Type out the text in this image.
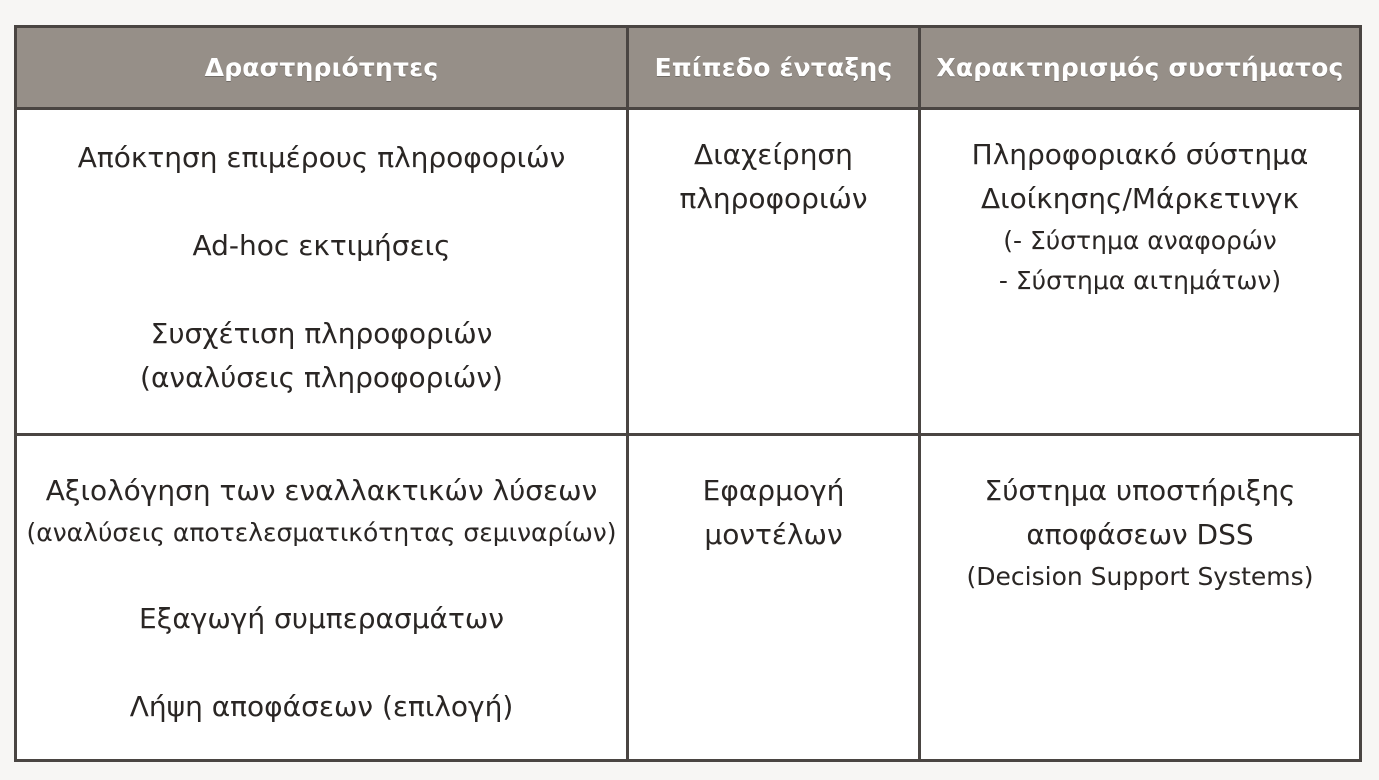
Δραστηριότητες	Επίπεδο ένταξης	Χαρακτηρισμός συστήματος
Απόκτηση επιμέρους πληροφοριών
Ad-hoc εκτιμήσεις
Συσχέτιση πληροφοριών
(αναλύσεις πληροφοριών)
Διαχείρηση
πληροφοριών
Πληροφοριακό σύστημα
Διοίκησης/Μάρκετινγκ
(- Σύστημα αναφορών
- Σύστημα αιτημάτων)
Αξιολόγηση των εναλλακτικών λύσεων
(αναλύσεις αποτελεσματικότητας σεμιναρίων)
Εξαγωγή συμπερασμάτων
Λήψη αποφάσεων (επιλογή)
Εφαρμογή
μοντέλων
Σύστημα υποστήριξης
αποφάσεων DSS
(Decision Support Systems)
